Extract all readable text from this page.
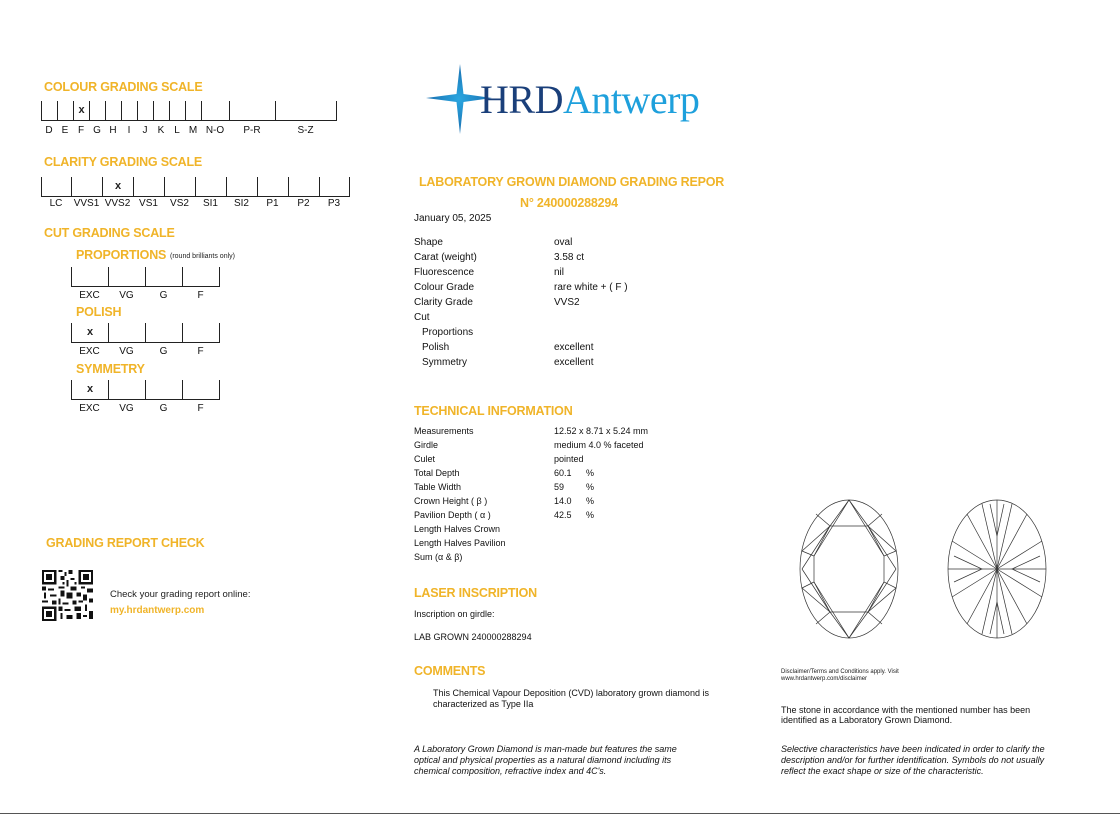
COLOUR GRADING SCALE
x
D E F G H	I	J	K L M N-O	P-R	S-Z
CLARITY GRADING SCALE
x
LC	VVS1 VVS2 VS1	VS2	SI1	SI2	P1	P2	P3
CUT GRADING SCALE
PROPORTIONS (round brilliants only)
EXC	VG	G	F
POLISH
x
EXC	VG	G	F
SYMMETRY
x
EXC	VG	G	F
GRADING REPORT CHECK
Check your grading report online:
my.hrdantwerp.com
HRDAntwerp
LABORATORY GROWN DIAMOND GRADING REPOR
N° 240000288294
January 05, 2025
Shape	oval
Carat (weight)	3.58 ct
Fluorescence	nil
Colour Grade	rare white + ( F )
Clarity Grade	VVS2
Cut
Proportions
Polish	excellent
Symmetry	excellent
TECHNICAL INFORMATION
Measurements	12.52 x 8.71 x 5.24 mm
Girdle	medium 4.0 % faceted
Culet	pointed
Total Depth	60.1 %
Table Width	59 %
Crown Height ( β )	14.0 %
Pavilion Depth ( α )	42.5 %
Length Halves Crown
Length Halves Pavilion
Sum (α & β)
LASER INSCRIPTION
Inscription on girdle:
LAB GROWN 240000288294
COMMENTS
This Chemical Vapour Deposition (CVD) laboratory grown diamond is
characterized as Type IIa
A Laboratory Grown Diamond is man-made but features the same
optical and physical properties as a natural diamond including its
chemical composition, refractive index and 4C's.
Disclaimer/Terms and Conditions apply. Visit
www.hrdantwerp.com/disclaimer
The stone in accordance with the mentioned number has been
identified as a Laboratory Grown Diamond.
Selective characteristics have been indicated in order to clarify the
description and/or for further identification. Symbols do not usually
reflect the exact shape or size of the characteristic.
